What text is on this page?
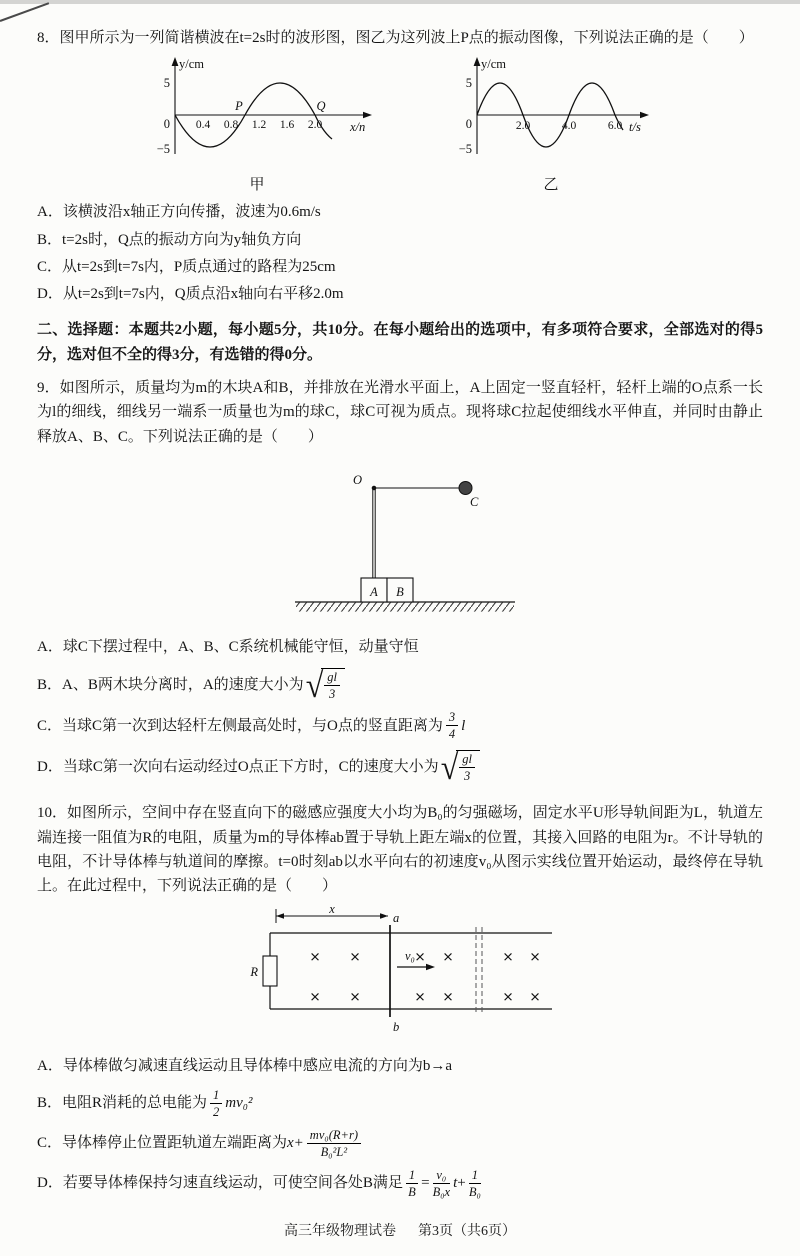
8．图甲所示为一列简谐横波在t=2s时的波形图，图乙为这列波上P点的振动图像，下列说法正确的是（　　）
y/cm
5
0
−5
0.4 0.8 1.2 1.6 2.0 x/n
P	Q
甲
y/cm
5
0
−5
2.0	4.0	6.0 t/s
乙
A．该横波沿x轴正方向传播，波速为0.6m/s
B．t=2s时，Q点的振动方向为y轴负方向
C．从t=2s到t=7s内，P质点通过的路程为25cm
D．从t=2s到t=7s内，Q质点沿x轴向右平移2.0m
二、选择题：本题共2小题，每小题5分，共10分。在每小题给出的选项中，有多项符合要求，全部选对的得5分，选对但不全的得3分，有选错的得0分。
9．如图所示，质量均为m的木块A和B，并排放在光滑水平面上，A上固定一竖直轻杆，轻杆上端的O点系一长为l的细线，细线另一端系一质量也为m的球C，球C可视为质点。现将球C拉起使细线水平伸直，并同时由静止释放A、B、C。下列说法正确的是（　　）
O
C
A B
A．球C下摆过程中，A、B、C系统机械能守恒，动量守恒
B．A、B两木块分离时，A的速度大小为 √ $\frac{gl}{3}$
C．当球C第一次到达轻杆左侧最高处时，与O点的竖直距离为 $\frac{3}{4}$ l
D．当球C第一次向右运动经过O点正下方时，C的速度大小为 √ $\frac{gl}{3}$
10．如图所示，空间中存在竖直向下的磁感应强度大小均为B₀的匀强磁场，固定水平U形导轨间距为L，轨道左端连接一阻值为R的电阻，质量为m的导体棒ab置于导轨上距左端x的位置，其接入回路的电阻为r。不计导轨的电阻，不计导体棒与轨道间的摩擦。t=0时刻ab以水平向右的初速度v₀从图示实线位置开始运动，最终停在导轨上。在此过程中，下列说法正确的是（　　）
R
a
b
x
v₀
× ×
× ×
× ×
× ×
× ×
× ×
A．导体棒做匀减速直线运动且导体棒中感应电流的方向为b→a
B．电阻R消耗的总电能为 $\frac{1}{2} mv_0^2$
C．导体棒停止位置距轨道左端距离为 $x+ \frac{\text{mv₀(R+r)}}{\text{B₀²L²}}$
D．若要导体棒保持匀速直线运动，可使空间各处B满足 $\frac{1}{B} = \frac{\text{v₀}}{\text{B₀x}}$ $t + \frac{1}{\text{B₀}}$
高三年级物理试卷 第3页（共6页）
